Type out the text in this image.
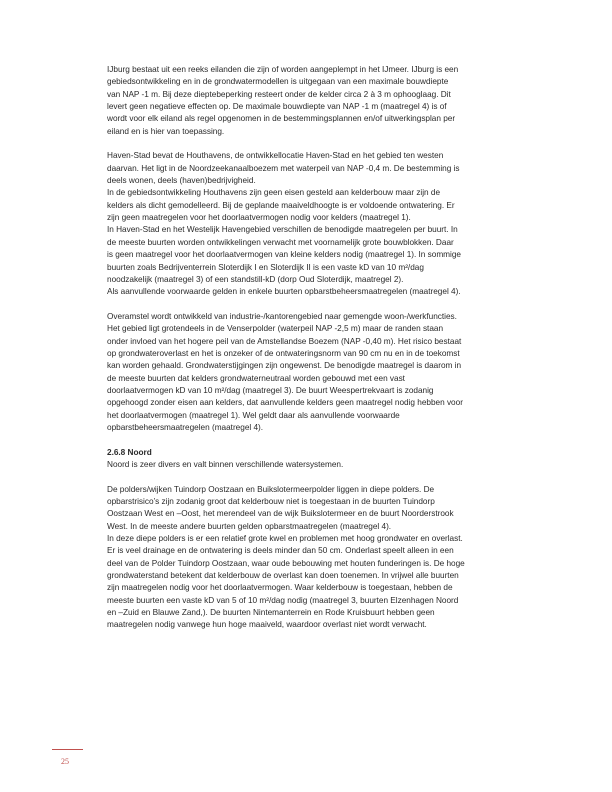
IJburg bestaat uit een reeks eilanden die zijn of worden aangeplempt in het IJmeer. IJburg is een
gebiedsontwikkeling en in de grondwatermodellen is uitgegaan van een maximale bouwdiepte
van NAP -1 m. Bij deze dieptebeperking resteert onder de kelder circa 2 à 3 m ophooglaag. Dit
levert geen negatieve effecten op. De maximale bouwdiepte van NAP -1 m (maatregel 4) is of
wordt voor elk eiland als regel opgenomen in de bestemmingsplannen en/of uitwerkingsplan per
eiland en is hier van toepassing.

Haven-Stad bevat de Houthavens, de ontwikkellocatie Haven-Stad en het gebied ten westen
daarvan. Het ligt in de Noordzeekanaalboezem met waterpeil van NAP -0,4 m. De bestemming is
deels wonen, deels (haven)bedrijvigheid.
In de gebiedsontwikkeling Houthavens zijn geen eisen gesteld aan kelderbouw maar zijn de
kelders als dicht gemodelleerd. Bij de geplande maaiveldhoogte is er voldoende ontwatering. Er
zijn geen maatregelen voor het doorlaatvermogen nodig voor kelders (maatregel 1).
In Haven-Stad en het Westelijk Havengebied verschillen de benodigde maatregelen per buurt. In
de meeste buurten worden ontwikkelingen verwacht met voornamelijk grote bouwblokken. Daar
is geen maatregel voor het doorlaatvermogen van kleine kelders nodig (maatregel 1). In sommige
buurten zoals Bedrijventerrein Sloterdijk I en Sloterdijk II is een vaste kD van 10 m²/dag
noodzakelijk (maatregel 3) of een standstill-kD (dorp Oud Sloterdijk, maatregel 2).
Als aanvullende voorwaarde gelden in enkele buurten opbarstbeheersmaatregelen (maatregel 4).

Overamstel wordt ontwikkeld van industrie-/kantorengebied naar gemengde woon-/werkfuncties.
Het gebied ligt grotendeels in de Venserpolder (waterpeil NAP -2,5 m) maar de randen staan
onder invloed van het hogere peil van de Amstellandse Boezem (NAP -0,40 m). Het risico bestaat
op grondwateroverlast en het is onzeker of de ontwateringsnorm van 90 cm nu en in de toekomst
kan worden gehaald. Grondwaterstijgingen zijn ongewenst. De benodigde maatregel is daarom in
de meeste buurten dat kelders grondwaterneutraal worden gebouwd met een vast
doorlaatvermogen kD van 10 m²/dag (maatregel 3). De buurt Weespertrekvaart is zodanig
opgehoogd zonder eisen aan kelders, dat aanvullende kelders geen maatregel nodig hebben voor
het doorlaatvermogen (maatregel 1). Wel geldt daar als aanvullende voorwaarde
opbarstbeheersmaatregelen (maatregel 4).

2.6.8 Noord
Noord is zeer divers en valt binnen verschillende watersystemen.

De polders/wijken Tuindorp Oostzaan en Buikslotermeerpolder liggen in diepe polders. De
opbarstrisico’s zijn zodanig groot dat kelderbouw niet is toegestaan in de buurten Tuindorp
Oostzaan West en –Oost, het merendeel van de wijk Buikslotermeer en de buurt Noorderstrook
West. In de meeste andere buurten gelden opbarstmaatregelen (maatregel 4).
In deze diepe polders is er een relatief grote kwel en problemen met hoog grondwater en overlast.
Er is veel drainage en de ontwatering is deels minder dan 50 cm. Onderlast speelt alleen in een
deel van de Polder Tuindorp Oostzaan, waar oude bebouwing met houten funderingen is. De hoge
grondwaterstand betekent dat kelderbouw de overlast kan doen toenemen. In vrijwel alle buurten
zijn maatregelen nodig voor het doorlaatvermogen. Waar kelderbouw is toegestaan, hebben de
meeste buurten een vaste kD van 5 of 10 m²/dag nodig (maatregel 3, buurten Elzenhagen Noord
en –Zuid en Blauwe Zand,). De buurten Nintemanterrein en Rode Kruisbuurt hebben geen
maatregelen nodig vanwege hun hoge maaiveld, waardoor overlast niet wordt verwacht.

25
